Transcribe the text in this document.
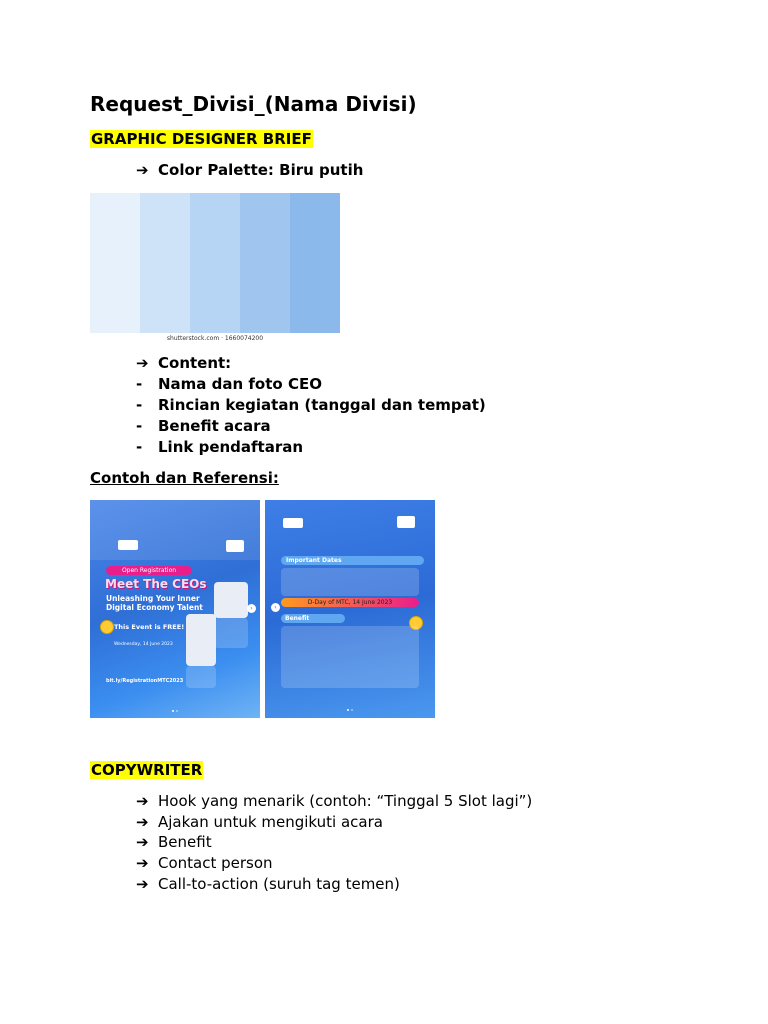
Request_Divisi_(Nama Divisi)
GRAPHIC DESIGNER BRIEF
➔ Color Palette: Biru putih
shutterstock.com · 1660074200
➔ Content:
- Nama dan foto CEO
- Rincian kegiatan (tanggal dan tempat)
- Benefit acara
- Link pendaftaran
Contoh dan Referensi:
Open Registration
Meet The CEOs
Unleashing Your Inner
Digital Economy Talent	›
This Event is FREE!
Wednesday, 14 June 2023
bit.ly/RegistrationMTC2023
Important Dates
D-Day of MTC, 14 June 2023
‹
Benefit
COPYWRITER
➔ Hook yang menarik (contoh: “Tinggal 5 Slot lagi”)
➔ Ajakan untuk mengikuti acara
➔ Benefit
➔ Contact person
➔ Call-to-action (suruh tag temen)
